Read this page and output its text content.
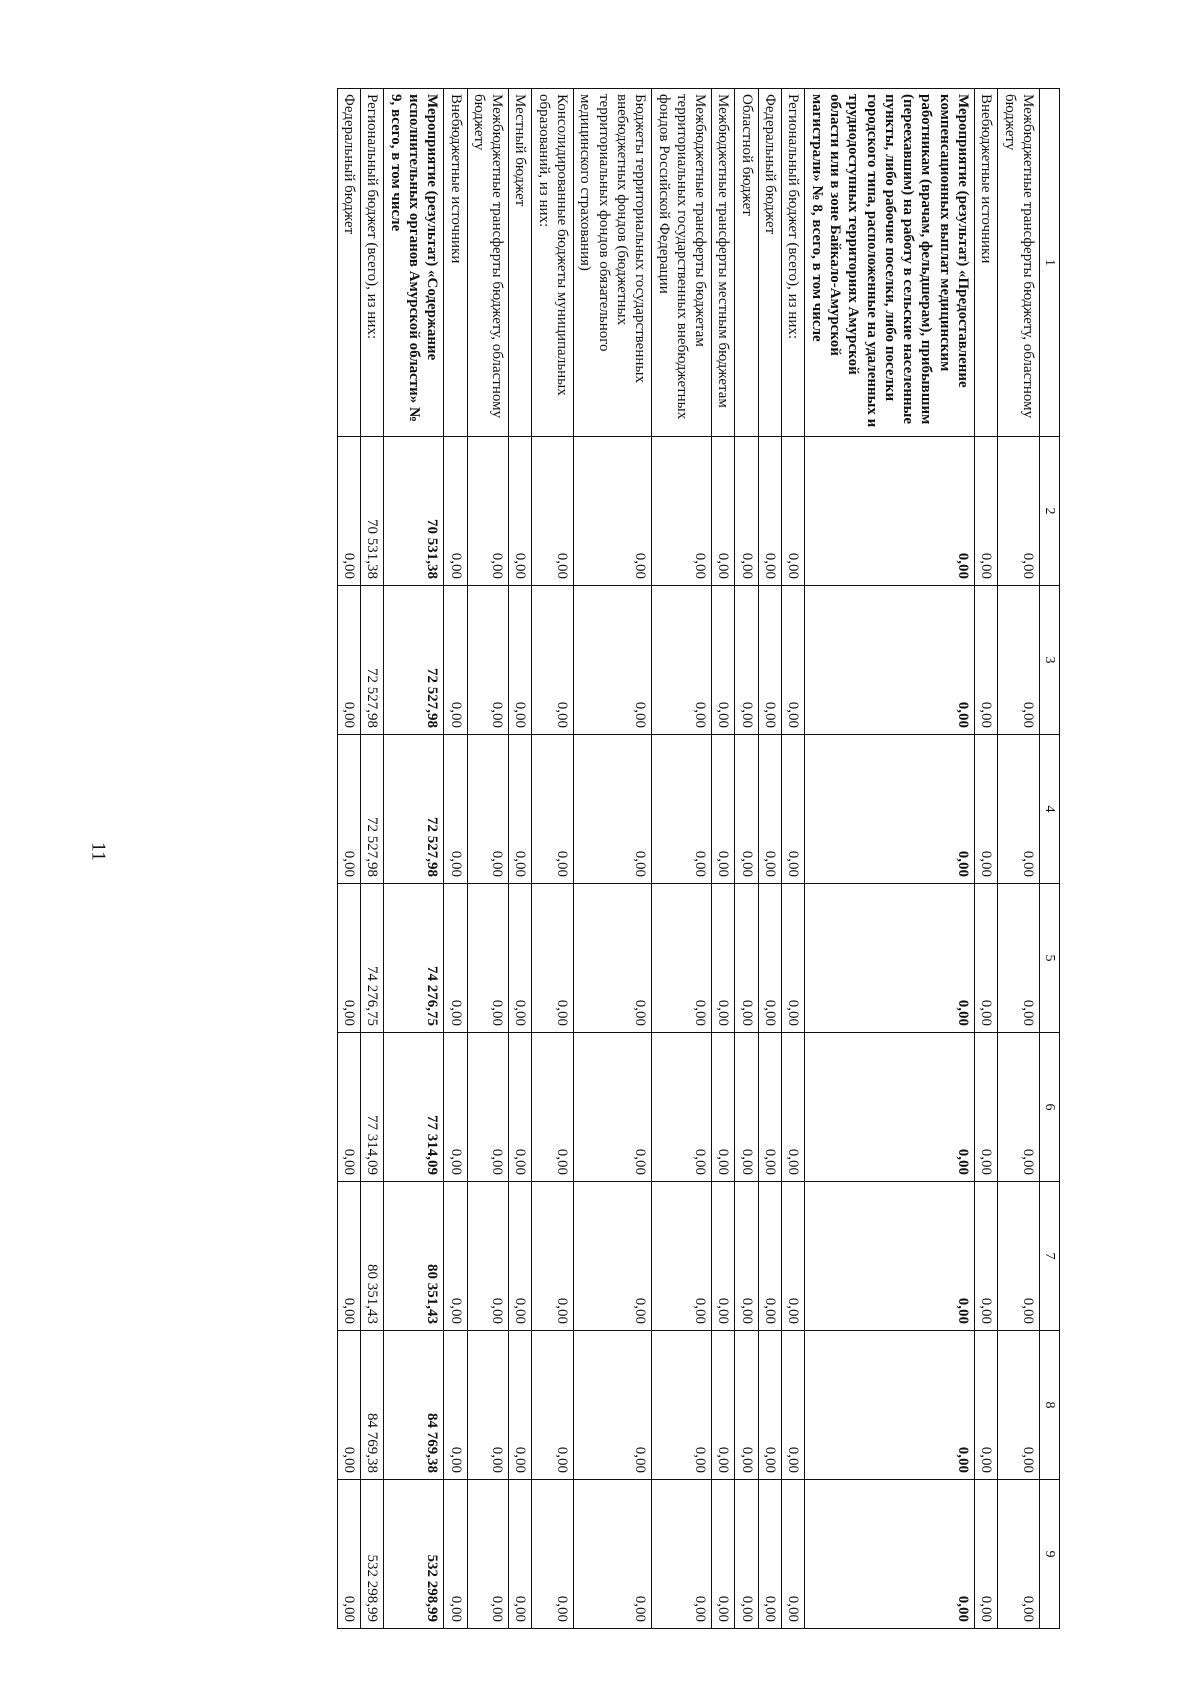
11
1	2	3	4	5	6	7	8	9
Межбюджетные трансферты бюджету, областному бюджету	0,00	0,00	0,00	0,00	0,00	0,00	0,00	0,00
Внебюджетные источники	0,00	0,00	0,00	0,00	0,00	0,00	0,00	0,00
Мероприятие (результат) «Предоставление компенсационных выплат медицинским работникам (врачам, фельдшерам), прибывшим (переехавшим) на работу в сельские населенные пункты, либо рабочие поселки, либо поселки городского типа, расположенные на удаленных и труднодоступных территориях Амурской области или в зоне Байкало-Амурской магистрали» № 8, всего, в том числе	0,00	0,00	0,00	0,00	0,00	0,00	0,00	0,00
Региональный бюджет (всего), из них:	0,00	0,00	0,00	0,00	0,00	0,00	0,00	0,00
Федеральный бюджет	0,00	0,00	0,00	0,00	0,00	0,00	0,00	0,00
Областной бюджет	0,00	0,00	0,00	0,00	0,00	0,00	0,00	0,00
Межбюджетные трансферты местным бюджетам	0,00	0,00	0,00	0,00	0,00	0,00	0,00	0,00
Межбюджетные трансферты бюджетам территориальных государственных внебюджетных фондов Российской Федерации	0,00	0,00	0,00	0,00	0,00	0,00	0,00	0,00
Бюджеты территориальных государственных внебюджетных фондов (бюджетных территориальных фондов обязательного медицинского страхования)	0,00	0,00	0,00	0,00	0,00	0,00	0,00	0,00
Консолидированные бюджеты муниципальных образований, из них:	0,00	0,00	0,00	0,00	0,00	0,00	0,00	0,00
Местный бюджет	0,00	0,00	0,00	0,00	0,00	0,00	0,00	0,00
Межбюджетные трансферты бюджету, областному бюджету	0,00	0,00	0,00	0,00	0,00	0,00	0,00	0,00
Внебюджетные источники	0,00	0,00	0,00	0,00	0,00	0,00	0,00	0,00
Мероприятие (результат) «Содержание исполнительных органов Амурской области» № 9, всего, в том числе	70 531,38	72 527,98	72 527,98	74 276,75	77 314,09	80 351,43	84 769,38	532 298,99
Региональный бюджет (всего), из них:	70 531,38	72 527,98	72 527,98	74 276,75	77 314,09	80 351,43	84 769,38	532 298,99
Федеральный бюджет	0,00	0,00	0,00	0,00	0,00	0,00	0,00	0,00
